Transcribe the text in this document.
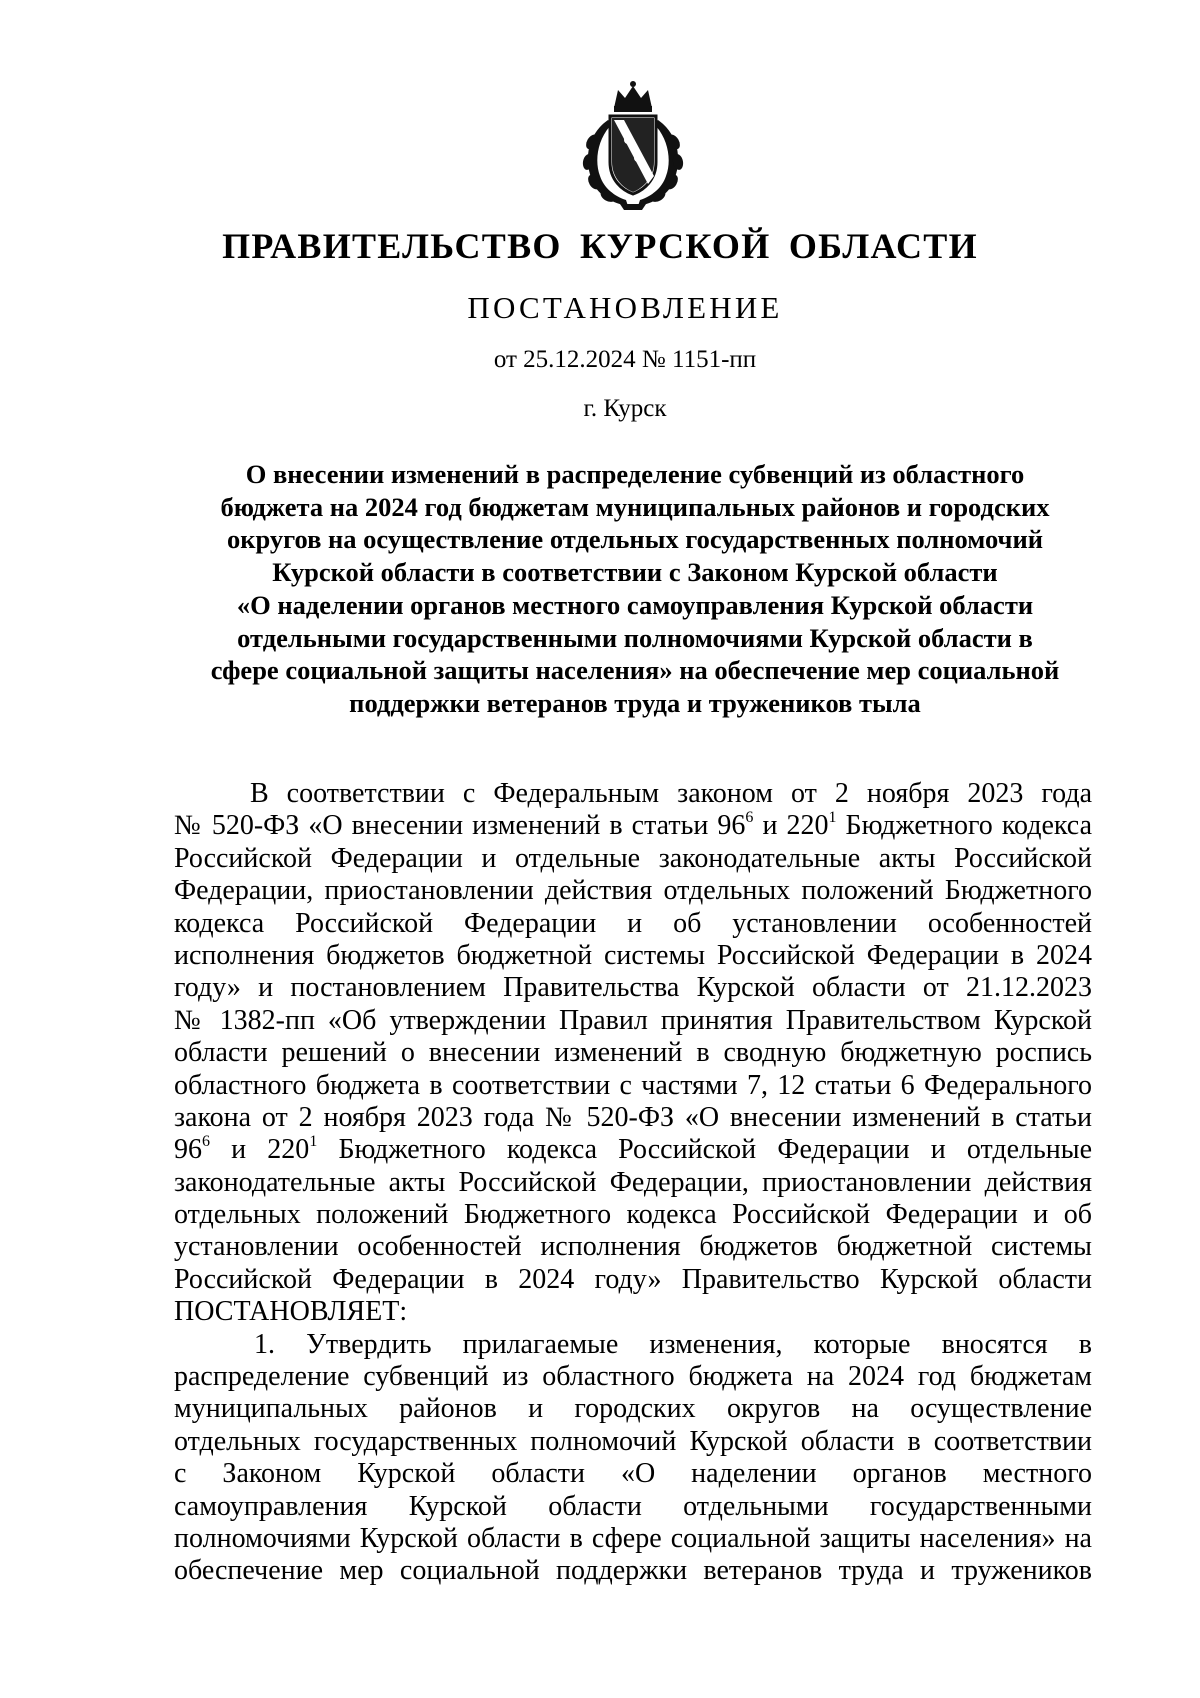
ПРАВИТЕЛЬСТВО КУРСКОЙ ОБЛАСТИ
ПОСТАНОВЛЕНИЕ
от 25.12.2024 № 1151-пп
г. Курск
О внесении изменений в распределение субвенций из областного
бюджета на 2024 год бюджетам муниципальных районов и городских
округов на осуществление отдельных государственных полномочий
Курской области в соответствии с Законом Курской области
«О наделении органов местного самоуправления Курской области
отдельными государственными полномочиями Курской области в
сфере социальной защиты населения» на обеспечение мер социальной
поддержки ветеранов труда и тружеников тыла
В соответствии с Федеральным законом от 2 ноября 2023 года
№ 520-ФЗ «О внесении изменений в статьи $96^6$ и $220^1$ Бюджетного кодекса
Российской Федерации и отдельные законодательные акты Российской
Федерации, приостановлении действия отдельных положений Бюджетного
кодекса Российской Федерации и об установлении особенностей
исполнения бюджетов бюджетной системы Российской Федерации в 2024
году» и постановлением Правительства Курской области от 21.12.2023
№ 1382-пп «Об утверждении Правил принятия Правительством Курской
области решений о внесении изменений в сводную бюджетную роспись
областного бюджета в соответствии с частями 7, 12 статьи 6 Федерального
закона от 2 ноября 2023 года № 520-ФЗ «О внесении изменений в статьи
$96^6$ и $220^1$ Бюджетного кодекса Российской Федерации и отдельные
законодательные акты Российской Федерации, приостановлении действия
отдельных положений Бюджетного кодекса Российской Федерации и об
установлении особенностей исполнения бюджетов бюджетной системы
Российской Федерации в 2024 году» Правительство Курской области
ПОСТАНОВЛЯЕТ:
1. Утвердить прилагаемые изменения, которые вносятся в
распределение субвенций из областного бюджета на 2024 год бюджетам
муниципальных районов и городских округов на осуществление
отдельных государственных полномочий Курской области в соответствии
с Законом Курской области «О наделении органов местного
самоуправления Курской области отдельными государственными
полномочиями Курской области в сфере социальной защиты населения» на
обеспечение мер социальной поддержки ветеранов труда и тружеников
